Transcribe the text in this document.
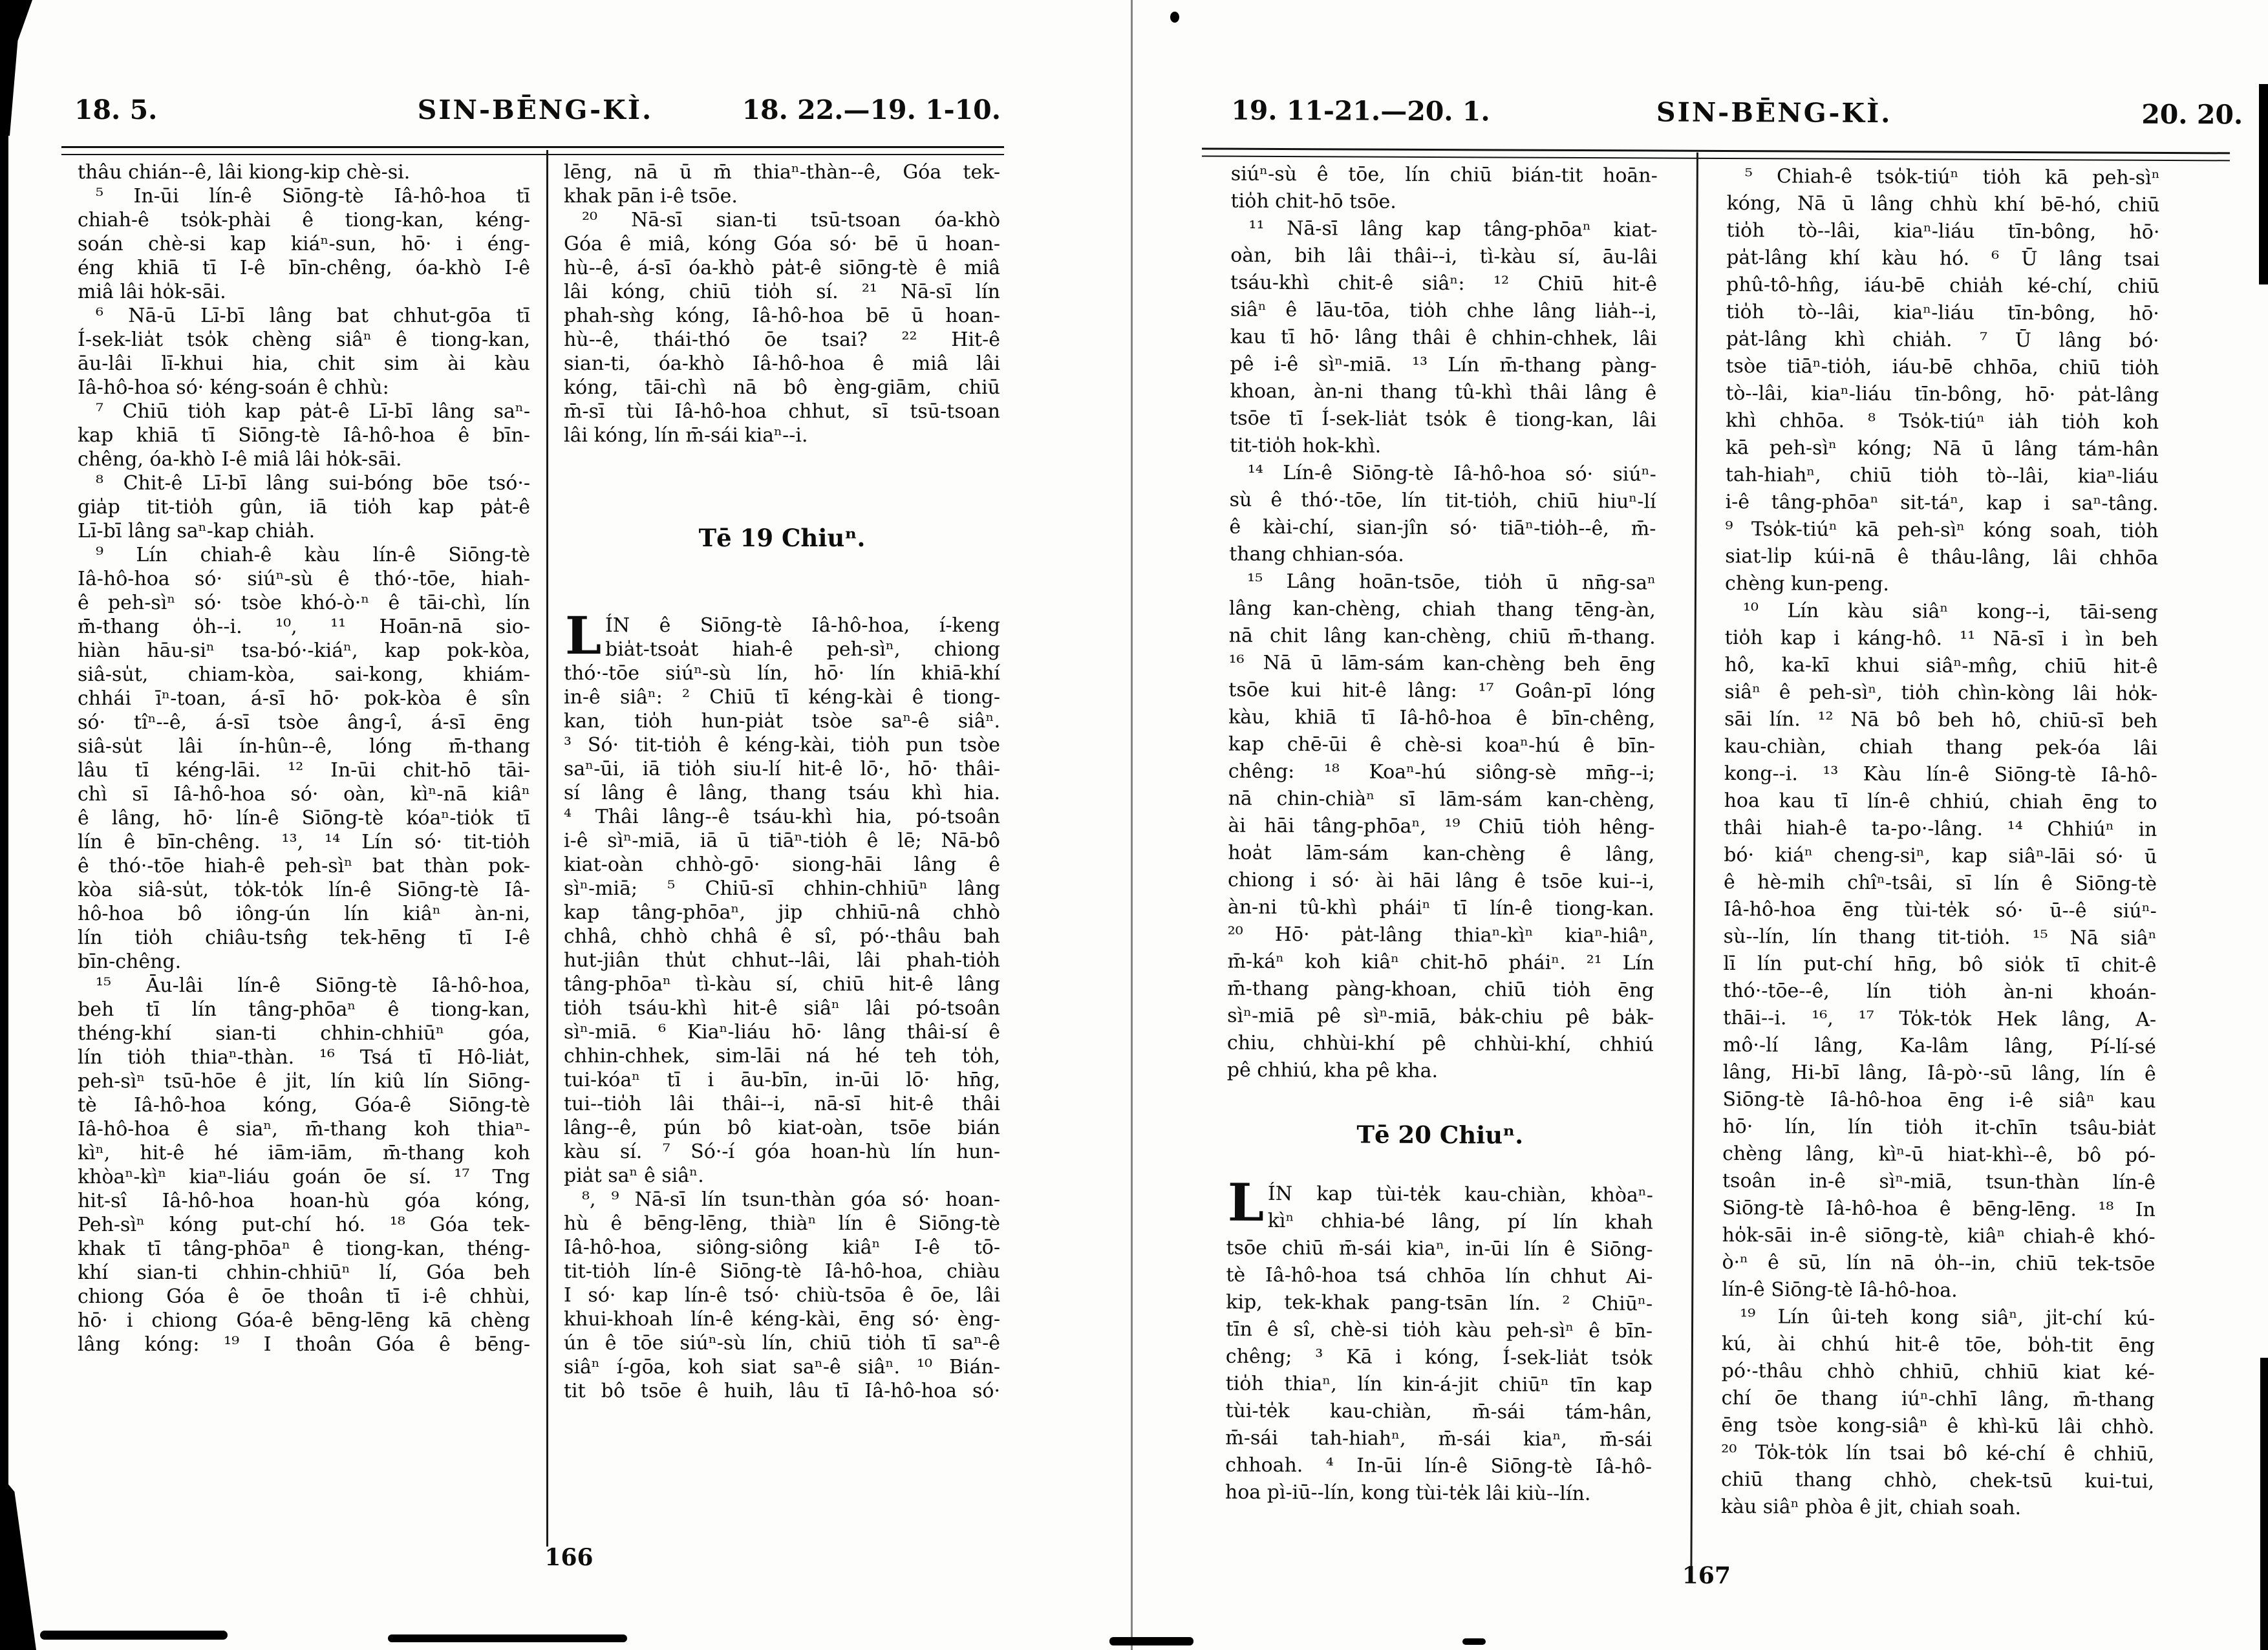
18. 5.	SIN-BĒNG-KÌ.	18. 22.—19. 1-10.
thâu chián--ê, lâi kiong-kip chè-si.
⁵ In-ūi lín-ê Siōng-tè Iâ-hô-hoa tī
chiah-ê tso̍k-phài ê tiong-kan, kéng-
soán chè-si kap kiáⁿ-sun, hō· i éng-
éng khiā tī I-ê bīn-chêng, óa-khò I-ê
miâ lâi ho̍k-sāi.
⁶ Nā-ū Lī-bī lâng bat chhut-gōa tī
Í-sek-lia̍t tso̍k chèng siâⁿ ê tiong-kan,
āu-lâi lī-khui hia, chit sim ài kàu
Iâ-hô-hoa só· kéng-soán ê chhù:
⁷ Chiū tio̍h kap pa̍t-ê Lī-bī lâng saⁿ-
kap khiā tī Siōng-tè Iâ-hô-hoa ê bīn-
chêng, óa-khò I-ê miâ lâi ho̍k-sāi.
⁸ Chit-ê Lī-bī lâng sui-bóng bōe tsó·-
gia̍p tit-tio̍h gûn, iā tio̍h kap pa̍t-ê
Lī-bī lâng saⁿ-kap chia̍h.
⁹ Lín chiah-ê kàu lín-ê Siōng-tè
Iâ-hô-hoa só· siúⁿ-sù ê thó·-tōe, hiah-
ê peh-sìⁿ só· tsòe khó-ò·ⁿ ê tāi-chì, lín
m̄-thang o̍h--i. ¹⁰, ¹¹ Hoān-nā sio-
hiàn hāu-siⁿ tsa-bó·-kiáⁿ, kap pok-kòa,
siâ-su̍t, chiam-kòa, sai-kong, khiám-
chhái īⁿ-toan, á-sī hō· pok-kòa ê sîn
só· tîⁿ--ê, á-sī tsòe âng-î, á-sī ēng
siâ-su̍t lâi ín-hûn--ê, lóng m̄-thang
lâu tī kéng-lāi. ¹² In-ūi chit-hō tāi-
chì sī Iâ-hô-hoa só· oàn, kìⁿ-nā kiâⁿ
ê lâng, hō· lín-ê Siōng-tè kóaⁿ-tio̍k tī
lín ê bīn-chêng. ¹³, ¹⁴ Lín só· tit-tio̍h
ê thó·-tōe hiah-ê peh-sìⁿ bat thàn pok-
kòa siâ-su̍t, to̍k-to̍k lín-ê Siōng-tè Iâ-
hô-hoa bô iông-ún lín kiâⁿ àn-ni,
lín tio̍h chiâu-tsn̂g tek-hēng tī I-ê
bīn-chêng.
¹⁵ Āu-lâi lín-ê Siōng-tè Iâ-hô-hoa,
beh tī lín tâng-phōaⁿ ê tiong-kan,
théng-khí sian-ti chhin-chhiūⁿ góa,
lín tio̍h thiaⁿ-thàn. ¹⁶ Tsá tī Hô-lia̍t,
peh-sìⁿ tsū-hōe ê ji̍t, lín kiû lín Siōng-
tè Iâ-hô-hoa kóng, Góa-ê Siōng-tè
Iâ-hô-hoa ê siaⁿ, m̄-thang koh thiaⁿ-
kìⁿ, hit-ê hé iām-iām, m̄-thang koh
khòaⁿ-kìⁿ kiaⁿ-liáu goán ōe sí. ¹⁷ Tng
hit-sî Iâ-hô-hoa hoan-hù góa kóng,
Peh-sìⁿ kóng put-chí hó. ¹⁸ Góa tek-
khak tī tâng-phōaⁿ ê tiong-kan, théng-
khí sian-ti chhin-chhiūⁿ lí, Góa beh
chiong Góa ê ōe thoân tī i-ê chhùi,
hō· i chiong Góa-ê bēng-lēng kā chèng
lâng kóng: ¹⁹ I thoân Góa ê bēng-
lēng, nā ū m̄ thiaⁿ-thàn--ê, Góa tek-
khak pān i-ê tsōe.
²⁰ Nā-sī sian-ti tsū-tsoan óa-khò
Góa ê miâ, kóng Góa só· bē ū hoan-
hù--ê, á-sī óa-khò pa̍t-ê siōng-tè ê miâ
lâi kóng, chiū tio̍h sí. ²¹ Nā-sī lín
phah-sǹg kóng, Iâ-hô-hoa bē ū hoan-
hù--ê, thái-thó ōe tsai? ²² Hit-ê
sian-ti, óa-khò Iâ-hô-hoa ê miâ lâi
kóng, tāi-chì nā bô èng-giām, chiū
m̄-sī tùi Iâ-hô-hoa chhut, sī tsū-tsoan
lâi kóng, lín m̄-sái kiaⁿ--i.
Tē 19 Chiuⁿ.
L ÍN ê Siōng-tè Iâ-hô-hoa, í-keng
bia̍t-tsoa̍t hiah-ê peh-sìⁿ, chiong
thó·-tōe siúⁿ-sù lín, hō· lín khiā-khí
in-ê siâⁿ: ² Chiū tī kéng-kài ê tiong-
kan, tio̍h hun-pia̍t tsòe saⁿ-ê siâⁿ.
³ Só· tit-tio̍h ê kéng-kài, tio̍h pun tsòe
saⁿ-ūi, iā tio̍h siu-lí hit-ê lō·, hō· thâi-
sí lâng ê lâng, thang tsáu khì hia.
⁴ Thâi lâng--ê tsáu-khì hia, pó-tsoân
i-ê sìⁿ-miā, iā ū tiāⁿ-tio̍h ê lē; Nā-bô
kiat-oàn chhò-gō· siong-hāi lâng ê
sìⁿ-miā; ⁵ Chiū-sī chhin-chhiūⁿ lâng
kap tâng-phōaⁿ, jip chhiū-nâ chhò
chhâ, chhò chhâ ê sî, pó·-thâu bah
hut-jiân thu̍t chhut--lâi, lâi phah-tio̍h
tâng-phōaⁿ tì-kàu sí, chiū hit-ê lâng
tio̍h tsáu-khì hit-ê siâⁿ lâi pó-tsoân
sìⁿ-miā. ⁶ Kiaⁿ-liáu hō· lâng thâi-sí ê
chhin-chhek, sim-lāi ná hé teh to̍h,
tui-kóaⁿ tī i āu-bīn, in-ūi lō· hn̄g,
tui--tio̍h lâi thâi--i, nā-sī hit-ê thâi
lâng--ê, pún bô kiat-oàn, tsōe bián
kàu sí. ⁷ Só·-í góa hoan-hù lín hun-
pia̍t saⁿ ê siâⁿ.
⁸, ⁹ Nā-sī lín tsun-thàn góa só· hoan-
hù ê bēng-lēng, thiàⁿ lín ê Siōng-tè
Iâ-hô-hoa, siông-siông kiâⁿ I-ê tō-
tit-tio̍h lín-ê Siōng-tè Iâ-hô-hoa, chiàu
I só· kap lín-ê tsó· chiù-tsōa ê ōe, lâi
khui-khoah lín-ê kéng-kài, ēng só· èng-
ún ê tōe siúⁿ-sù lín, chiū tio̍h tī saⁿ-ê
siâⁿ í-gōa, koh siat saⁿ-ê siâⁿ. ¹⁰ Bián-
tit bô tsōe ê huih, lâu tī Iâ-hô-hoa só·
166
19. 11-21.—20. 1.	SIN-BĒNG-KÌ.	20. 20.
siúⁿ-sù ê tōe, lín chiū bián-tit hoān-
tio̍h chit-hō tsōe.
¹¹ Nā-sī lâng kap tâng-phōaⁿ kiat-
oàn, bih lâi thâi--i, tì-kàu sí, āu-lâi
tsáu-khì chit-ê siâⁿ: ¹² Chiū hit-ê
siâⁿ ê lāu-tōa, tio̍h chhe lâng lia̍h--i,
kau tī hō· lâng thâi ê chhin-chhek, lâi
pê i-ê sìⁿ-miā. ¹³ Lín m̄-thang pàng-
khoan, àn-ni thang tû-khì thâi lâng ê
tsōe tī Í-sek-lia̍t tso̍k ê tiong-kan, lâi
tit-tio̍h hok-khì.
¹⁴ Lín-ê Siōng-tè Iâ-hô-hoa só· siúⁿ-
sù ê thó·-tōe, lín tit-tio̍h, chiū hiuⁿ-lí
ê kài-chí, sian-jîn só· tiāⁿ-tio̍h--ê, m̄-
thang chhian-sóa.
¹⁵ Lâng hoān-tsōe, tio̍h ū nn̄g-saⁿ
lâng kan-chèng, chiah thang tēng-àn,
nā chit lâng kan-chèng, chiū m̄-thang.
¹⁶ Nā ū lām-sám kan-chèng beh ēng
tsōe kui hit-ê lâng: ¹⁷ Goân-pī lóng
kàu, khiā tī Iâ-hô-hoa ê bīn-chêng,
kap chē-ūi ê chè-si koaⁿ-hú ê bīn-
chêng: ¹⁸ Koaⁿ-hú siông-sè mn̄g--i;
nā chin-chiàⁿ sī lām-sám kan-chèng,
ài hāi tâng-phōaⁿ, ¹⁹ Chiū tio̍h hêng-
hoa̍t lām-sám kan-chèng ê lâng,
chiong i só· ài hāi lâng ê tsōe kui--i,
àn-ni tû-khì pháiⁿ tī lín-ê tiong-kan.
²⁰ Hō· pa̍t-lâng thiaⁿ-kìⁿ kiaⁿ-hiâⁿ,
m̄-káⁿ koh kiâⁿ chit-hō pháiⁿ. ²¹ Lín
m̄-thang pàng-khoan, chiū tio̍h ēng
sìⁿ-miā pê sìⁿ-miā, ba̍k-chiu pê ba̍k-
chiu, chhùi-khí pê chhùi-khí, chhiú
pê chhiú, kha pê kha.
Tē 20 Chiuⁿ.
L ÍN kap tùi-te̍k kau-chiàn, khòaⁿ-
kìⁿ chhia-bé lâng, pí lín khah
tsōe chiū m̄-sái kiaⁿ, in-ūi lín ê Siōng-
tè Iâ-hô-hoa tsá chhōa lín chhut Ai-
kip, tek-khak pang-tsān lín. ² Chiūⁿ-
tīn ê sî, chè-si tio̍h kàu peh-sìⁿ ê bīn-
chêng; ³ Kā i kóng, Í-sek-lia̍t tso̍k
tio̍h thiaⁿ, lín kin-á-jit chiūⁿ tīn kap
tùi-te̍k kau-chiàn, m̄-sái tám-hân,
m̄-sái tah-hiahⁿ, m̄-sái kiaⁿ, m̄-sái
chhoah. ⁴ In-ūi lín-ê Siōng-tè Iâ-hô-
hoa pì-iū--lín, kong tùi-te̍k lâi kiù--lín.
⁵ Chiah-ê tso̍k-tiúⁿ tio̍h kā peh-sìⁿ
kóng, Nā ū lâng chhù khí bē-hó, chiū
tio̍h tò--lâi, kiaⁿ-liáu tīn-bông, hō·
pa̍t-lâng khí kàu hó. ⁶ Ū lâng tsai
phû-tô-hn̂g, iáu-bē chia̍h ké-chí, chiū
tio̍h tò--lâi, kiaⁿ-liáu tīn-bông, hō·
pa̍t-lâng khì chia̍h. ⁷ Ū lâng bó·
tsòe tiāⁿ-tio̍h, iáu-bē chhōa, chiū tio̍h
tò--lâi, kiaⁿ-liáu tīn-bông, hō· pa̍t-lâng
khì chhōa. ⁸ Tso̍k-tiúⁿ ia̍h tio̍h koh
kā peh-sìⁿ kóng; Nā ū lâng tám-hân
tah-hiahⁿ, chiū tio̍h tò--lâi, kiaⁿ-liáu
i-ê tâng-phōaⁿ sit-táⁿ, kap i saⁿ-tâng.
⁹ Tso̍k-tiúⁿ kā peh-sìⁿ kóng soah, tio̍h
siat-li̍p kúi-nā ê thâu-lâng, lâi chhōa
chèng kun-peng.
¹⁰ Lín kàu siâⁿ kong--i, tāi-seng
tio̍h kap i káng-hô. ¹¹ Nā-sī i ìn beh
hô, ka-kī khui siâⁿ-mn̂g, chiū hit-ê
siâⁿ ê peh-sìⁿ, tio̍h chìn-kòng lâi ho̍k-
sāi lín. ¹² Nā bô beh hô, chiū-sī beh
kau-chiàn, chiah thang pek-óa lâi
kong--i. ¹³ Kàu lín-ê Siōng-tè Iâ-hô-
hoa kau tī lín-ê chhiú, chiah ēng to
thâi hiah-ê ta-po·-lâng. ¹⁴ Chhiúⁿ in
bó· kiáⁿ cheng-siⁿ, kap siâⁿ-lāi só· ū
ê hè-mi̍h chîⁿ-tsâi, sī lín ê Siōng-tè
Iâ-hô-hoa ēng tùi-te̍k só· ū--ê siúⁿ-
sù--lín, lín thang tit-tio̍h. ¹⁵ Nā siâⁿ
lī lín put-chí hn̄g, bô sio̍k tī chit-ê
thó·-tōe--ê, lín tio̍h àn-ni khoán-
thāi--i. ¹⁶, ¹⁷ To̍k-to̍k Hek lâng, A-
mô·-lí lâng, Ka-lâm lâng, Pí-lí-sé
lâng, Hi-bī lâng, Iâ-pò·-sū lâng, lín ê
Siōng-tè Iâ-hô-hoa ēng i-ê siâⁿ kau
hō· lín, lín tio̍h it-chīn tsâu-bia̍t
chèng lâng, kìⁿ-ū hiat-khì--ê, bô pó-
tsoân in-ê sìⁿ-miā, tsun-thàn lín-ê
Siōng-tè Iâ-hô-hoa ê bēng-lēng. ¹⁸ In
ho̍k-sāi in-ê siōng-tè, kiâⁿ chiah-ê khó-
ò·ⁿ ê sū, lín nā o̍h--in, chiū tek-tsōe
lín-ê Siōng-tè Iâ-hô-hoa.
¹⁹ Lín ûi-teh kong siâⁿ, ji̍t-chí kú-
kú, ài chhú hit-ê tōe, bo̍h-tit ēng
pó·-thâu chhò chhiū, chhiū kiat ké-
chí ōe thang iúⁿ-chhī lâng, m̄-thang
ēng tsòe kong-siâⁿ ê khì-kū lâi chhò.
²⁰ To̍k-to̍k lín tsai bô ké-chí ê chhiū,
chiū thang chhò, chek-tsū kui-tui,
kàu siâⁿ phòa ê ji̍t, chiah soah.
167
